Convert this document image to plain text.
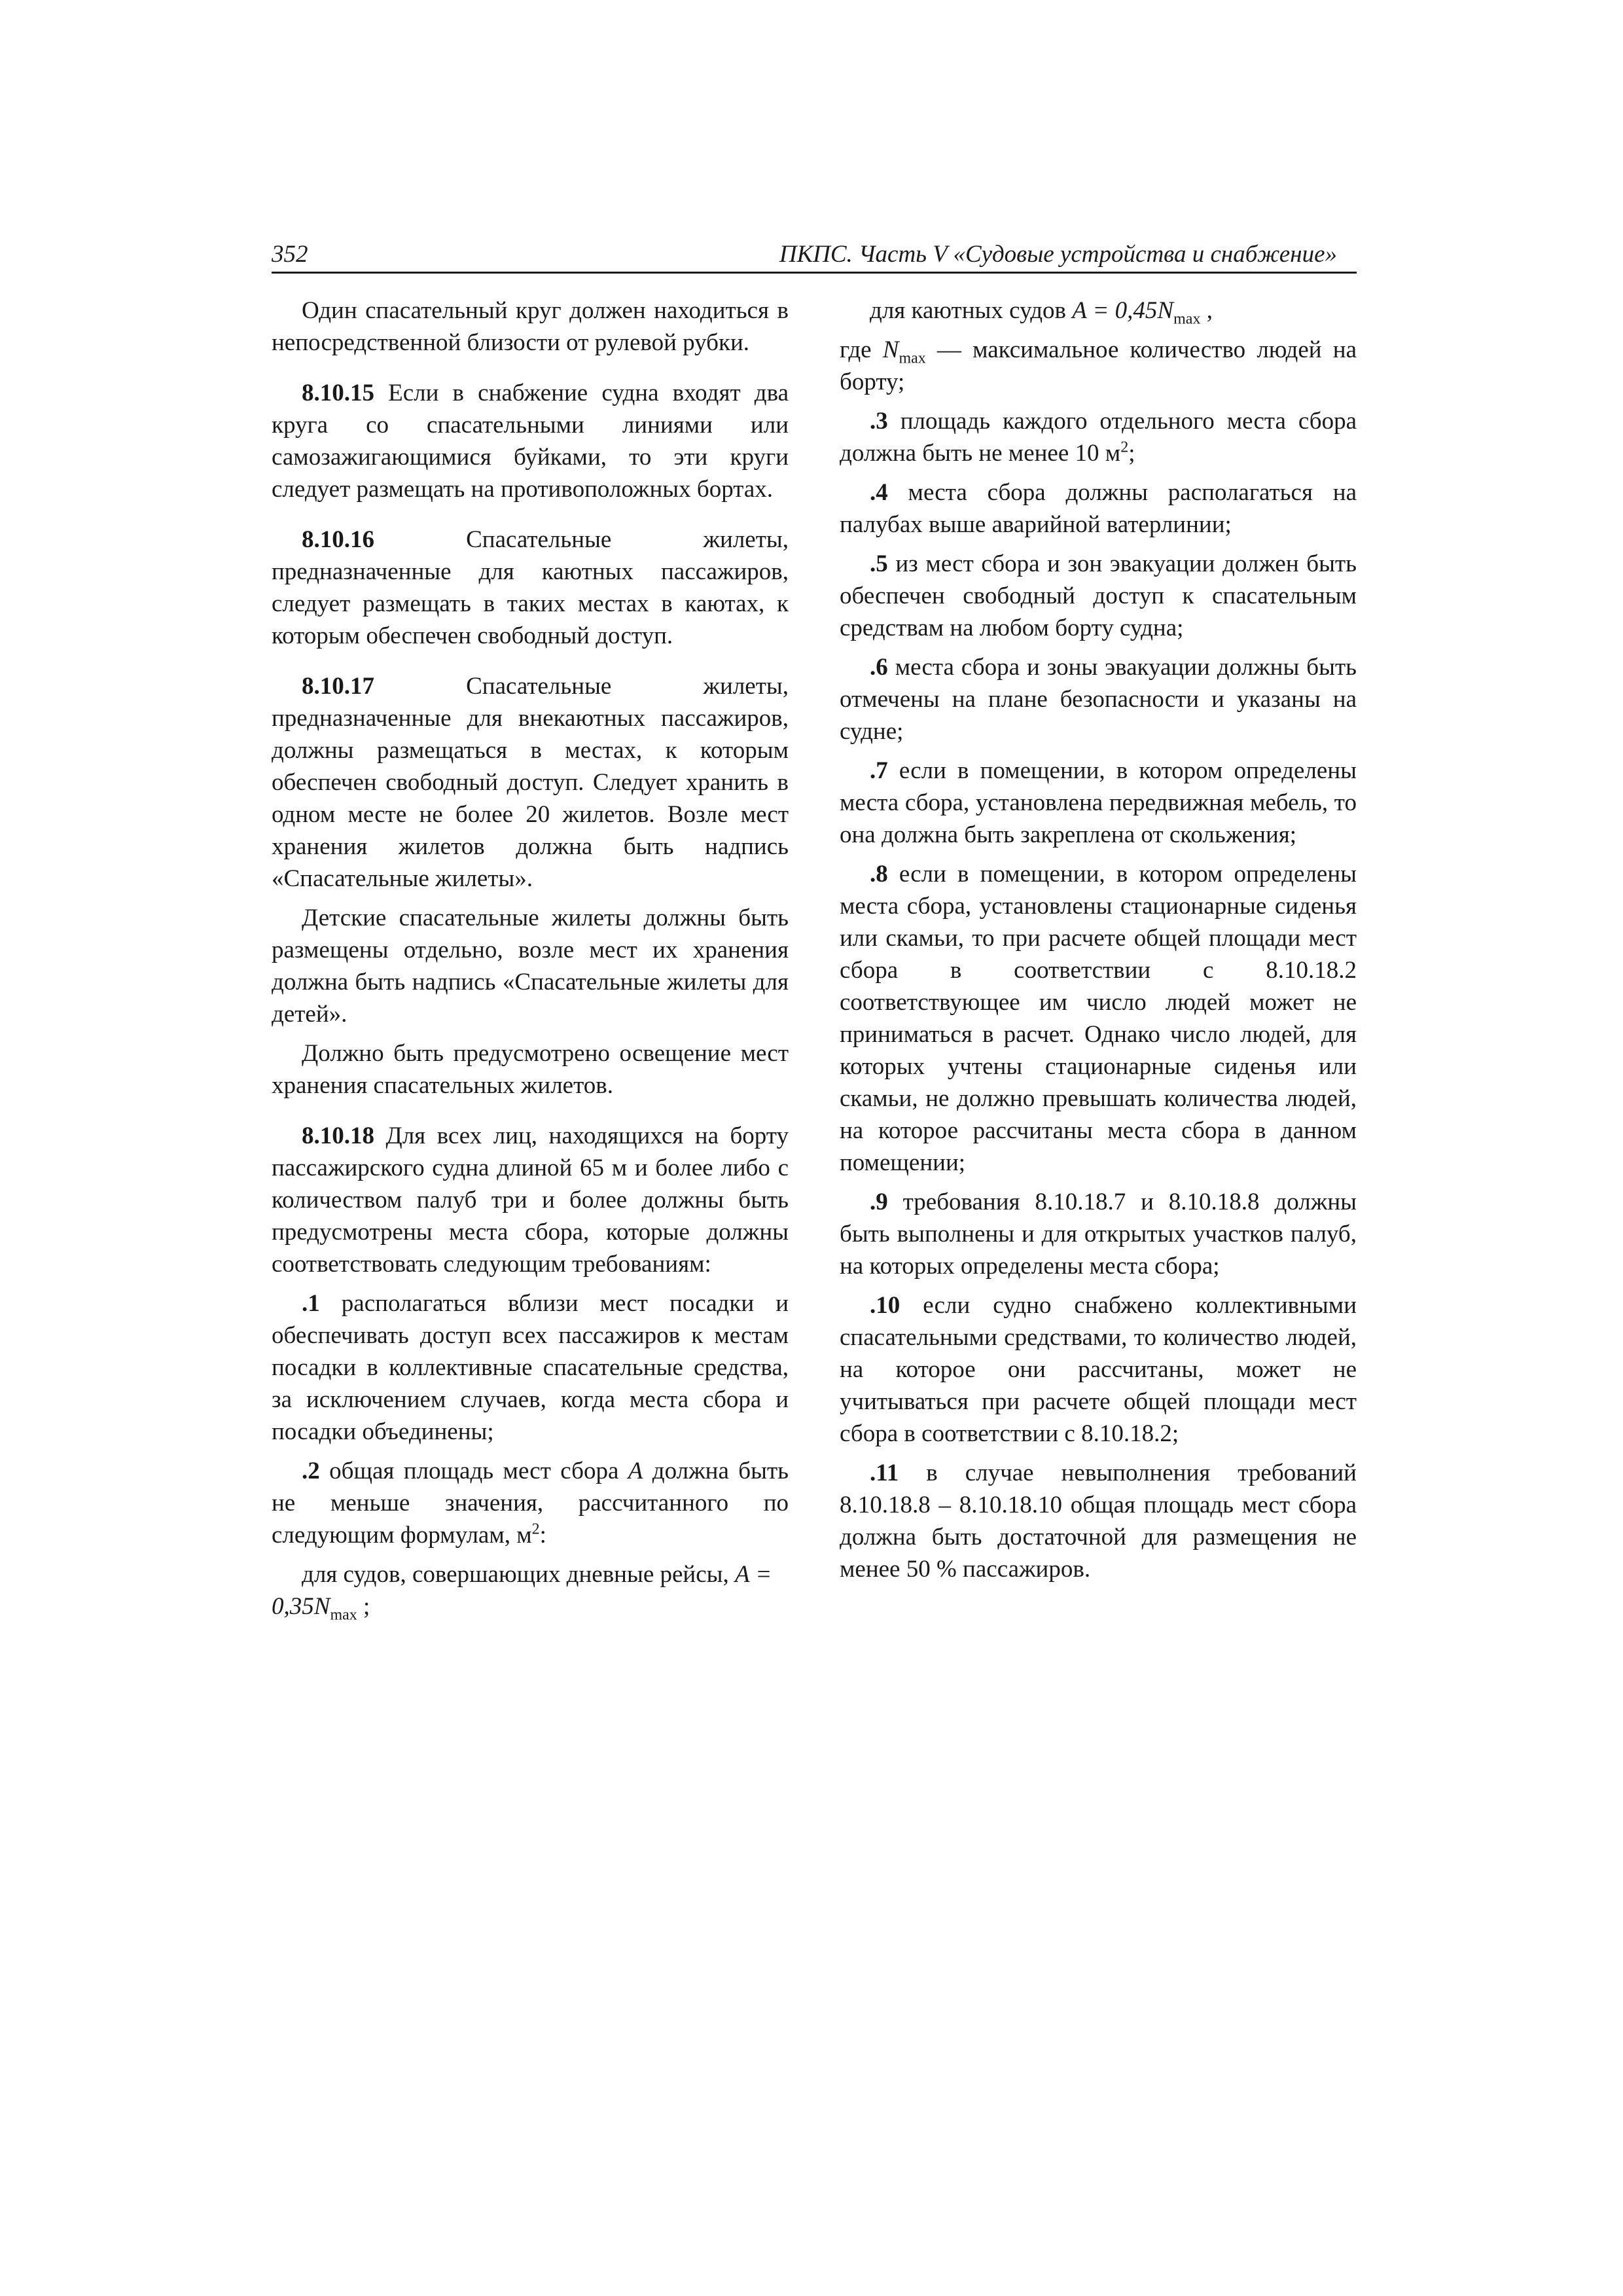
352	ПКПС. Часть V «Судовые устройства и снабжение»

Один спасательный круг должен находиться в непосредственной близости от рулевой рубки.

8.10.15 Если в снабжение судна входят два круга со спасательными линиями или самозажигающимися буйками, то эти круги следует размещать на противоположных бортах.

8.10.16 Спасательные жилеты, предназначенные для каютных пассажиров, следует размещать в таких местах в каютах, к которым обеспечен свободный доступ.

8.10.17 Спасательные жилеты, предназначенные для внекаютных пассажиров, должны размещаться в местах, к которым обеспечен свободный доступ. Следует хранить в одном месте не более 20 жилетов. Возле мест хранения жилетов должна быть надпись «Спасательные жилеты».

Детские спасательные жилеты должны быть размещены отдельно, возле мест их хранения должна быть надпись «Спасательные жилеты для детей».

Должно быть предусмотрено освещение мест хранения спасательных жилетов.

8.10.18 Для всех лиц, находящихся на борту пассажирского судна длиной 65 м и более либо с количеством палуб три и более должны быть предусмотрены места сбора, которые должны соответствовать следующим требованиям:

.1 располагаться вблизи мест посадки и обеспечивать доступ всех пассажиров к местам посадки в коллективные спасательные средства, за исключением случаев, когда места сбора и посадки объединены;

.2 общая площадь мест сбора A должна быть не меньше значения, рассчитанного по следующим формулам, $м^2$:

для судов, совершающих дневные рейсы, $A = 0,35N_{max}$ ;

для каютных судов $A = 0,45N_{max}$ ,

где $N_{max}$ — максимальное количество людей на борту;

.3 площадь каждого отдельного места сбора должна быть не менее 10 $м^2$;

.4 места сбора должны располагаться на палубах выше аварийной ватерлинии;

.5 из мест сбора и зон эвакуации должен быть обеспечен свободный доступ к спасательным средствам на любом борту судна;

.6 места сбора и зоны эвакуации должны быть отмечены на плане безопасности и указаны на судне;

.7 если в помещении, в котором определены места сбора, установлена передвижная мебель, то она должна быть закреплена от скольжения;

.8 если в помещении, в котором определены места сбора, установлены стационарные сиденья или скамьи, то при расчете общей площади мест сбора в соответствии с 8.10.18.2 соответствующее им число людей может не приниматься в расчет. Однако число людей, для которых учтены стационарные сиденья или скамьи, не должно превышать количества людей, на которое рассчитаны места сбора в данном помещении;

.9 требования 8.10.18.7 и 8.10.18.8 должны быть выполнены и для открытых участков палуб, на которых определены места сбора;

.10 если судно снабжено коллективными спасательными средствами, то количество людей, на которое они рассчитаны, может не учитываться при расчете общей площади мест сбора в соответствии с 8.10.18.2;

.11 в случае невыполнения требований 8.10.18.8 – 8.10.18.10 общая площадь мест сбора должна быть достаточной для размещения не менее 50 % пассажиров.
